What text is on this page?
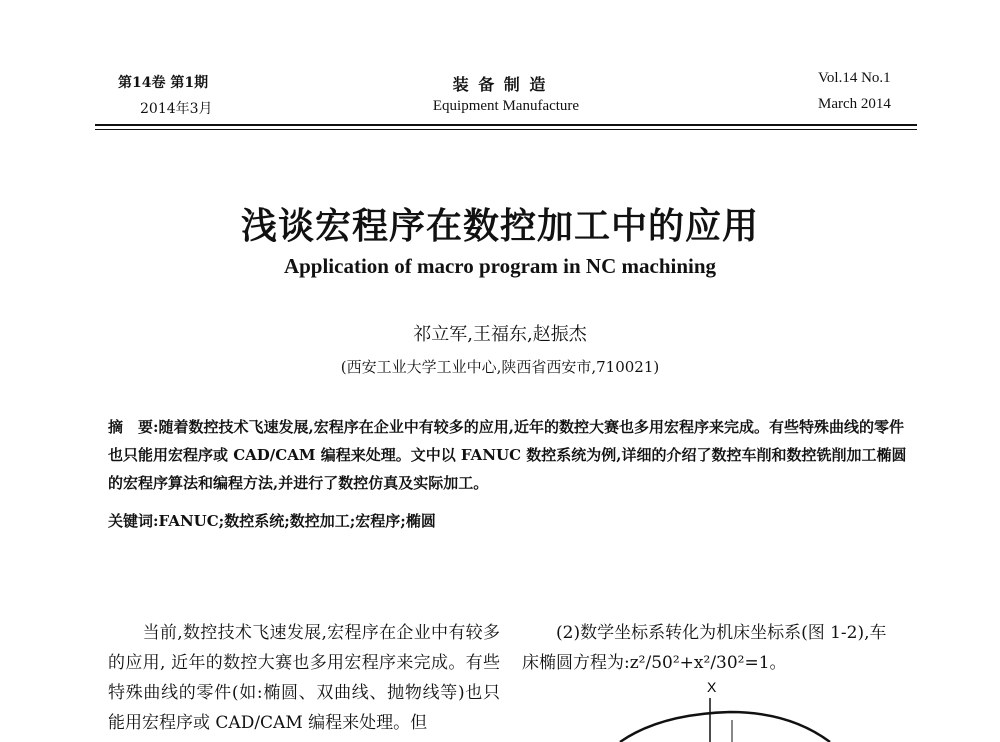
第14卷 第1期
2014年3月
装 备 制 造
Equipment Manufacture
Vol.14 No.1
March 2014
浅谈宏程序在数控加工中的应用
Application of macro program in NC machining
祁立军,王福东,赵振杰
(西安工业大学工业中心,陕西省西安市,710021)
摘　要:随着数控技术飞速发展,宏程序在企业中有较多的应用,近年的数控大赛也多用宏程序来完成。有些特殊曲线的零件也只能用宏程序或 CAD/CAM 编程来处理。文中以 FANUC 数控系统为例,详细的介绍了数控车削和数控铣削加工椭圆的宏程序算法和编程方法,并进行了数控仿真及实际加工。
关键词:FANUC;数控系统;数控加工;宏程序;椭圆
　　当前,数控技术飞速发展,宏程序在企业中有较多的应用, 近年的数控大赛也多用宏程序来完成。有些特殊曲线的零件(如:椭圆、双曲线、抛物线等)也只能用宏程序或 CAD/CAM 编程来处理。但
　　(2)数学坐标系转化为机床坐标系(图 1-2),车
床椭圆方程为:z²/50²+x²/30²=1。
X
